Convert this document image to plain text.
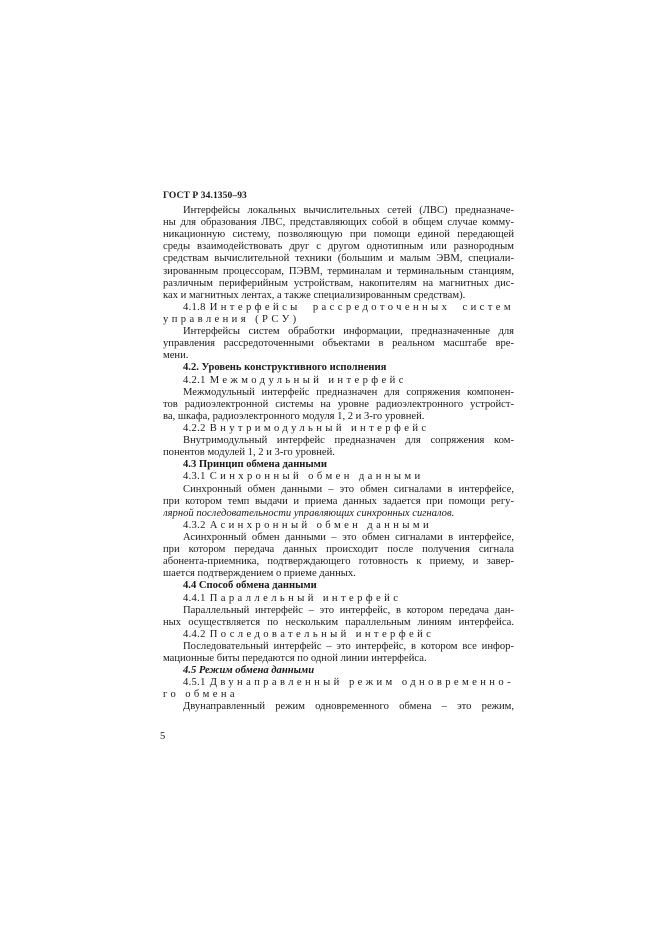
ГОСТ Р 34.1350–93
Интерфейсы локальных вычислительных сетей (ЛВС) предназначе-
ны для образования ЛВС, представляющих собой в общем случае комму-
никационную систему, позволяющую при помощи единой передающей
среды взаимодействовать друг с другом однотипным или разнородным
средствам вычислительной техники (большим и малым ЭВМ, специали-
зированным процессорам, ПЭВМ, терминалам и терминальным станциям,
различным периферийным устройствам, накопителям на магнитных дис-
ках и магнитных лентах, а также специализированным средствам).
4.1.8 Интерфейсы рассредоточенных систем
управления (РСУ)
Интерфейсы систем обработки информации, предназначенные для
управления рассредоточенными объектами в реальном масштабе вре-
мени.
4.2. Уровень конструктивного исполнения
4.2.1 Межмодульный интерфейс
Межмодульный интерфейс предназначен для сопряжения компонен-
тов радиоэлектронной системы на уровне радиоэлектронного устройст-
ва, шкафа, радиоэлектронного модуля 1, 2 и 3-го уровней.
4.2.2 Внутримодульный интерфейс
Внутримодульный интерфейс предназначен для сопряжения ком-
понентов модулей 1, 2 и 3-го уровней.
4.3 Принцип обмена данными
4.3.1 Синхронный обмен данными
Синхронный обмен данными – это обмен сигналами в интерфейсе,
при котором темп выдачи и приема данных задается при помощи регу-
лярной последовательности управляющих синхронных сигналов.
4.3.2 Асинхронный обмен данными
Асинхронный обмен данными – это обмен сигналами в интерфейсе,
при котором передача данных происходит после получения сигнала
абонента-приемника, подтверждающего готовность к приему, и завер-
шается подтверждением о приеме данных.
4.4 Способ обмена данными
4.4.1 Параллельный интерфейс
Параллельный интерфейс – это интерфейс, в котором передача дан-
ных осуществляется по нескольким параллельным линиям интерфейса.
4.4.2 Последовательный интерфейс
Последовательный интерфейс – это интерфейс, в котором все инфор-
мационные биты передаются по одной линии интерфейса.
4.5 Режим обмена данными
4.5.1 Двунаправленный режим одновременно-
го обмена
Двунаправленный режим одновременного обмена – это режим,
5
